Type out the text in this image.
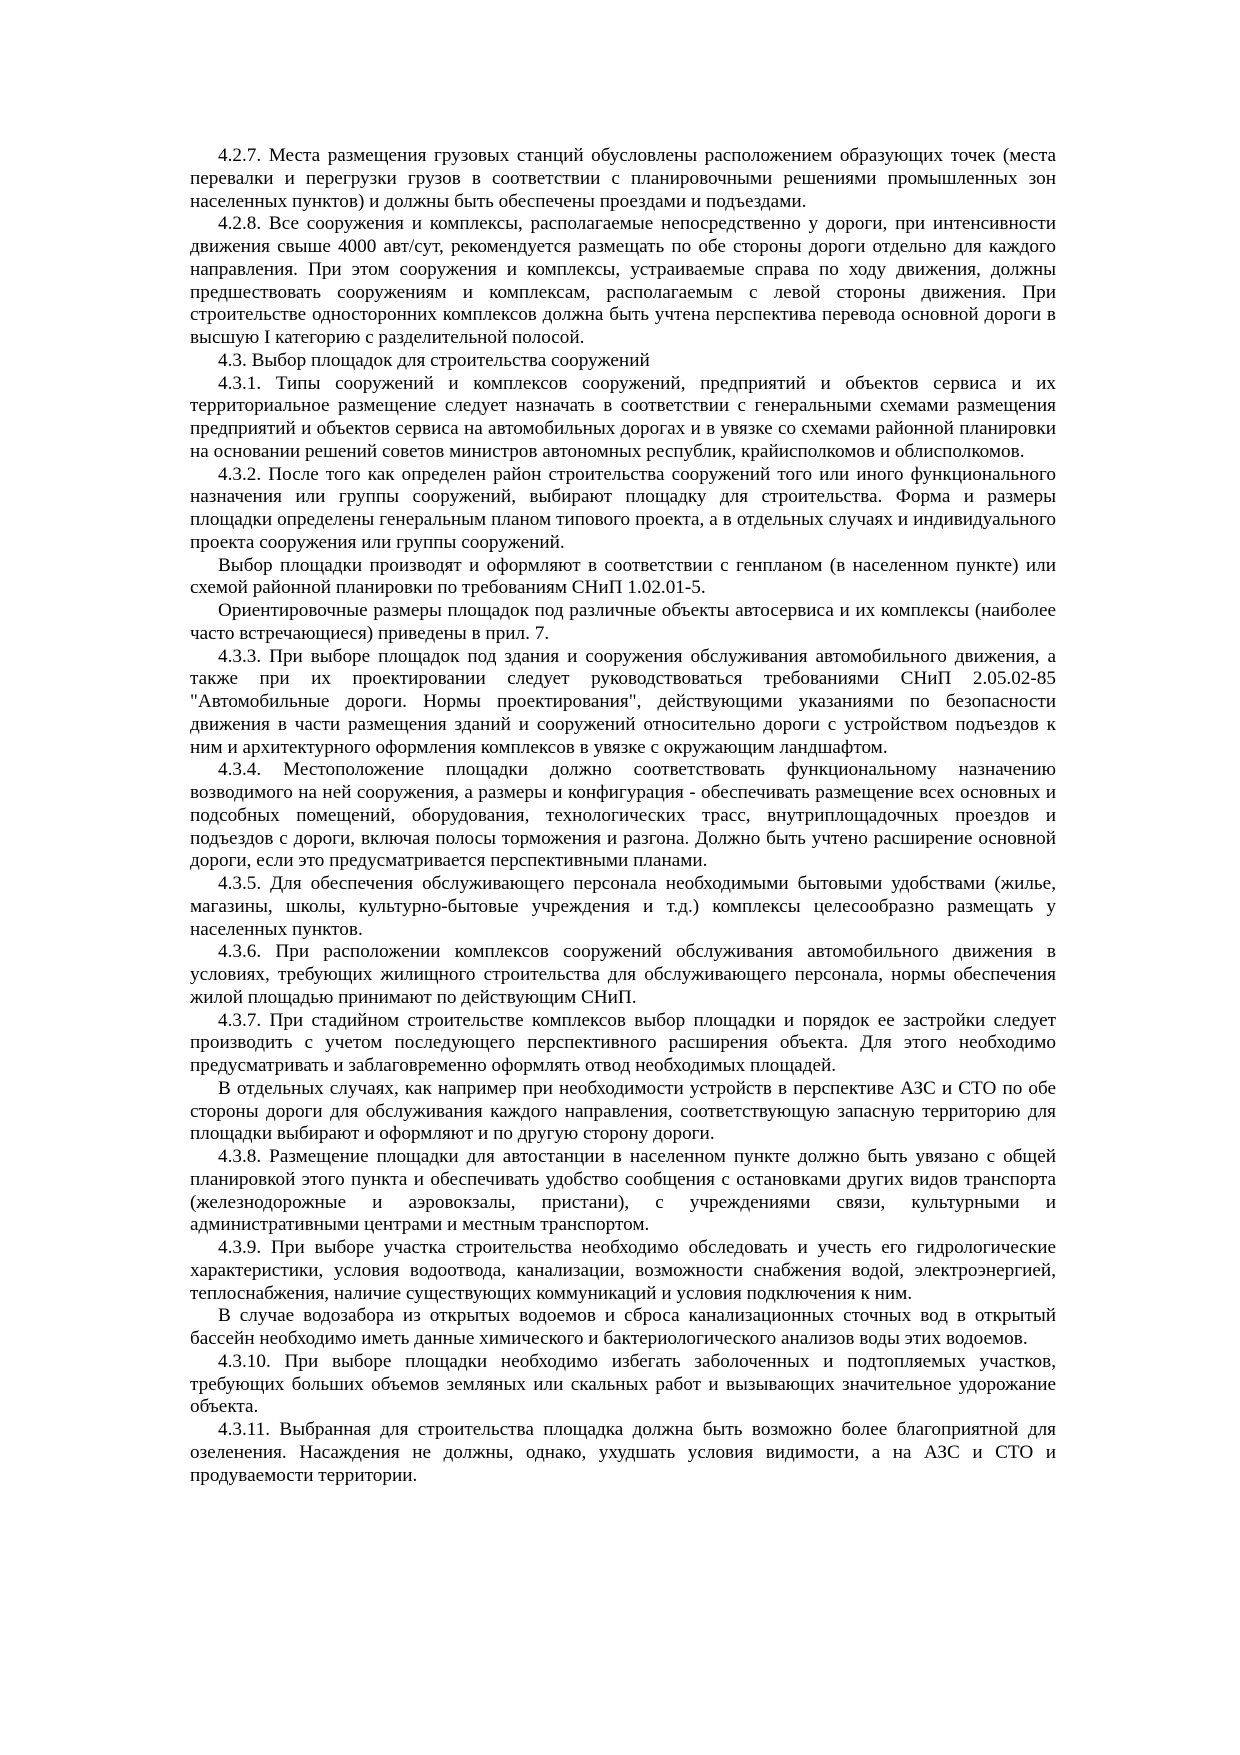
4.2.7. Места размещения грузовых станций обусловлены расположением образующих точек (места перевалки и перегрузки грузов в соответствии с планировочными решениями промышленных зон населенных пунктов) и должны быть обеспечены проездами и подъездами.

4.2.8. Все сооружения и комплексы, располагаемые непосредственно у дороги, при интенсивности движения свыше 4000 авт/сут, рекомендуется размещать по обе стороны дороги отдельно для каждого направления. При этом сооружения и комплексы, устраиваемые справа по ходу движения, должны предшествовать сооружениям и комплексам, располагаемым с левой стороны движения. При строительстве односторонних комплексов должна быть учтена перспектива перевода основной дороги в высшую I категорию с разделительной полосой.

4.3. Выбор площадок для строительства сооружений

4.3.1. Типы сооружений и комплексов сооружений, предприятий и объектов сервиса и их территориальное размещение следует назначать в соответствии с генеральными схемами размещения предприятий и объектов сервиса на автомобильных дорогах и в увязке со схемами районной планировки на основании решений советов министров автономных республик, крайисполкомов и облисполкомов.

4.3.2. После того как определен район строительства сооружений того или иного функционального назначения или группы сооружений, выбирают площадку для строительства. Форма и размеры площадки определены генеральным планом типового проекта, а в отдельных случаях и индивидуального проекта сооружения или группы сооружений.

Выбор площадки производят и оформляют в соответствии с генпланом (в населенном пункте) или схемой районной планировки по требованиям СНиП 1.02.01-5.

Ориентировочные размеры площадок под различные объекты автосервиса и их комплексы (наиболее часто встречающиеся) приведены в прил. 7.

4.3.3. При выборе площадок под здания и сооружения обслуживания автомобильного движения, а также при их проектировании следует руководствоваться требованиями СНиП 2.05.02-85 "Автомобильные дороги. Нормы проектирования", действующими указаниями по безопасности движения в части размещения зданий и сооружений относительно дороги с устройством подъездов к ним и архитектурного оформления комплексов в увязке с окружающим ландшафтом.

4.3.4. Местоположение площадки должно соответствовать функциональному назначению возводимого на ней сооружения, а размеры и конфигурация - обеспечивать размещение всех основных и подсобных помещений, оборудования, технологических трасс, внутриплощадочных проездов и подъездов с дороги, включая полосы торможения и разгона. Должно быть учтено расширение основной дороги, если это предусматривается перспективными планами.

4.3.5. Для обеспечения обслуживающего персонала необходимыми бытовыми удобствами (жилье, магазины, школы, культурно-бытовые учреждения и т.д.) комплексы целесообразно размещать у населенных пунктов.

4.3.6. При расположении комплексов сооружений обслуживания автомобильного движения в условиях, требующих жилищного строительства для обслуживающего персонала, нормы обеспечения жилой площадью принимают по действующим СНиП.

4.3.7. При стадийном строительстве комплексов выбор площадки и порядок ее застройки следует производить с учетом последующего перспективного расширения объекта. Для этого необходимо предусматривать и заблаговременно оформлять отвод необходимых площадей.

В отдельных случаях, как например при необходимости устройств в перспективе АЗС и СТО по обе стороны дороги для обслуживания каждого направления, соответствующую запасную территорию для площадки выбирают и оформляют и по другую сторону дороги.

4.3.8. Размещение площадки для автостанции в населенном пункте должно быть увязано с общей планировкой этого пункта и обеспечивать удобство сообщения с остановками других видов транспорта (железнодорожные и аэровокзалы, пристани), с учреждениями связи, культурными и административными центрами и местным транспортом.

4.3.9. При выборе участка строительства необходимо обследовать и учесть его гидрологические характеристики, условия водоотвода, канализации, возможности снабжения водой, электроэнергией, теплоснабжения, наличие существующих коммуникаций и условия подключения к ним.

В случае водозабора из открытых водоемов и сброса канализационных сточных вод в открытый бассейн необходимо иметь данные химического и бактериологического анализов воды этих водоемов.

4.3.10. При выборе площадки необходимо избегать заболоченных и подтопляемых участков, требующих больших объемов земляных или скальных работ и вызывающих значительное удорожание объекта.

4.3.11. Выбранная для строительства площадка должна быть возможно более благоприятной для озеленения. Насаждения не должны, однако, ухудшать условия видимости, а на АЗС и СТО и продуваемости территории.
